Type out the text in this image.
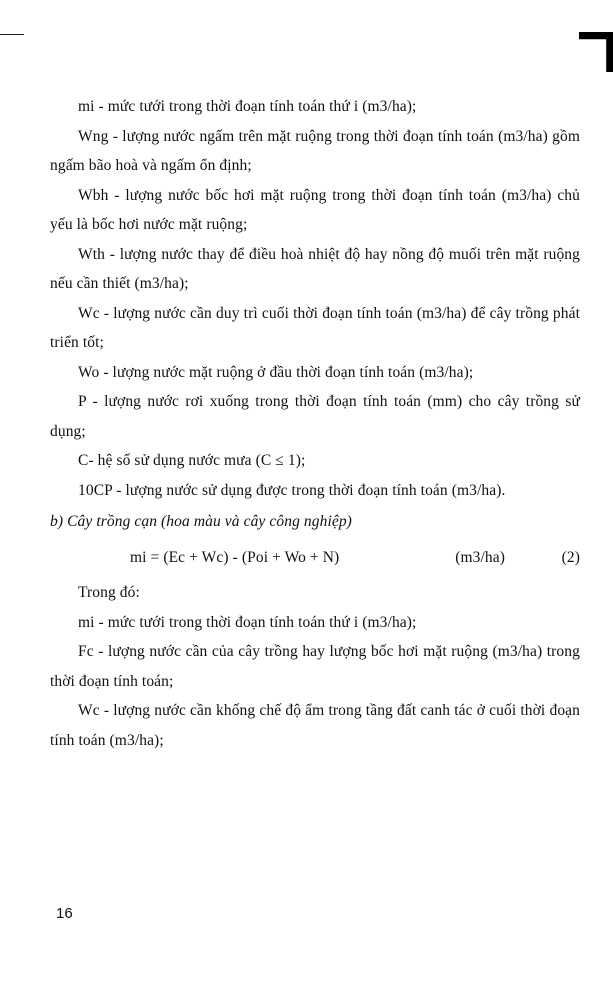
mi - mức tưới trong thời đoạn tính toán thứ i (m3/ha);

Wng - lượng nước ngấm trên mặt ruộng trong thời đoạn tính toán (m3/ha) gồm ngấm bão hoà và ngấm ổn định;

Wbh - lượng nước bốc hơi mặt ruộng trong thời đoạn tính toán (m3/ha) chủ yếu là bốc hơi nước mặt ruộng;

Wth - lượng nước thay để điều hoà nhiệt độ hay nồng độ muối trên mặt ruộng nếu cần thiết (m3/ha);

Wc - lượng nước cần duy trì cuối thời đoạn tính toán (m3/ha) để cây trồng phát triển tốt;

Wo - lượng nước mặt ruộng ở đầu thời đoạn tính toán (m3/ha);

P - lượng nước rơi xuống trong thời đoạn tính toán (mm) cho cây trồng sử dụng;

C- hệ số sử dụng nước mưa (C ≤ 1);

10CP - lượng nước sử dụng được trong thời đoạn tính toán (m3/ha).

b) Cây trồng cạn (hoa màu và cây công nghiệp)

mi = (Ec + Wc) - (Poi + Wo + N)	(m3/ha)	(2)

Trong đó:

mi - mức tưới trong thời đoạn tính toán thứ i (m3/ha);

Fc - lượng nước cần của cây trồng hay lượng bốc hơi mặt ruộng (m3/ha) trong thời đoạn tính toán;

Wc - lượng nước cần khống chế độ ẩm trong tầng đất canh tác ở cuối thời đoạn tính toán (m3/ha);

16
